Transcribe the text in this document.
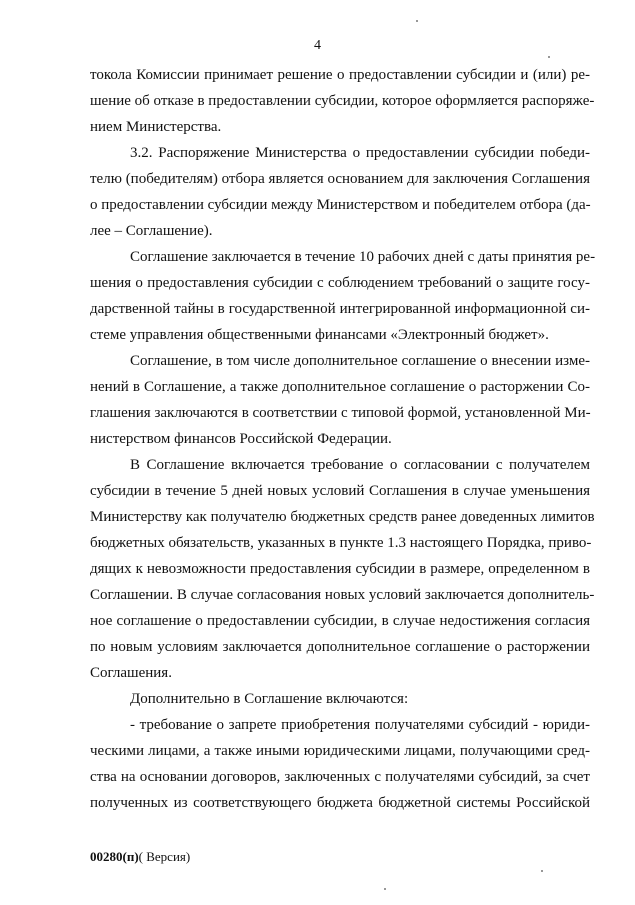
4
токола Комиссии принимает решение о предоставлении субсидии и (или) ре-
шение об отказе в предоставлении субсидии, которое оформляется распоряже-
нием Министерства.
3.2. Распоряжение Министерства о предоставлении субсидии победи-
телю (победителям) отбора является основанием для заключения Соглашения
о предоставлении субсидии между Министерством и победителем отбора (да-
лее – Соглашение).
Соглашение заключается в течение 10 рабочих дней с даты принятия ре-
шения о предоставления субсидии с соблюдением требований о защите госу-
дарственной тайны в государственной интегрированной информационной си-
стеме управления общественными финансами «Электронный бюджет».
Соглашение, в том числе дополнительное соглашение о внесении изме-
нений в Соглашение, а также дополнительное соглашение о расторжении Со-
глашения заключаются в соответствии с типовой формой, установленной Ми-
нистерством финансов Российской Федерации.
В Соглашение включается требование о согласовании с получателем
субсидии в течение 5 дней новых условий Соглашения в случае уменьшения
Министерству как получателю бюджетных средств ранее доведенных лимитов
бюджетных обязательств, указанных в пункте 1.3 настоящего Порядка, приво-
дящих к невозможности предоставления субсидии в размере, определенном в
Соглашении. В случае согласования новых условий заключается дополнитель-
ное соглашение о предоставлении субсидии, в случае недостижения согласия
по новым условиям заключается дополнительное соглашение о расторжении
Соглашения.
Дополнительно в Соглашение включаются:
- требование о запрете приобретения получателями субсидий - юриди-
ческими лицами, а также иными юридическими лицами, получающими сред-
ства на основании договоров, заключенных с получателями субсидий, за счет
полученных из соответствующего бюджета бюджетной системы Российской
00280(п)( Версия)
